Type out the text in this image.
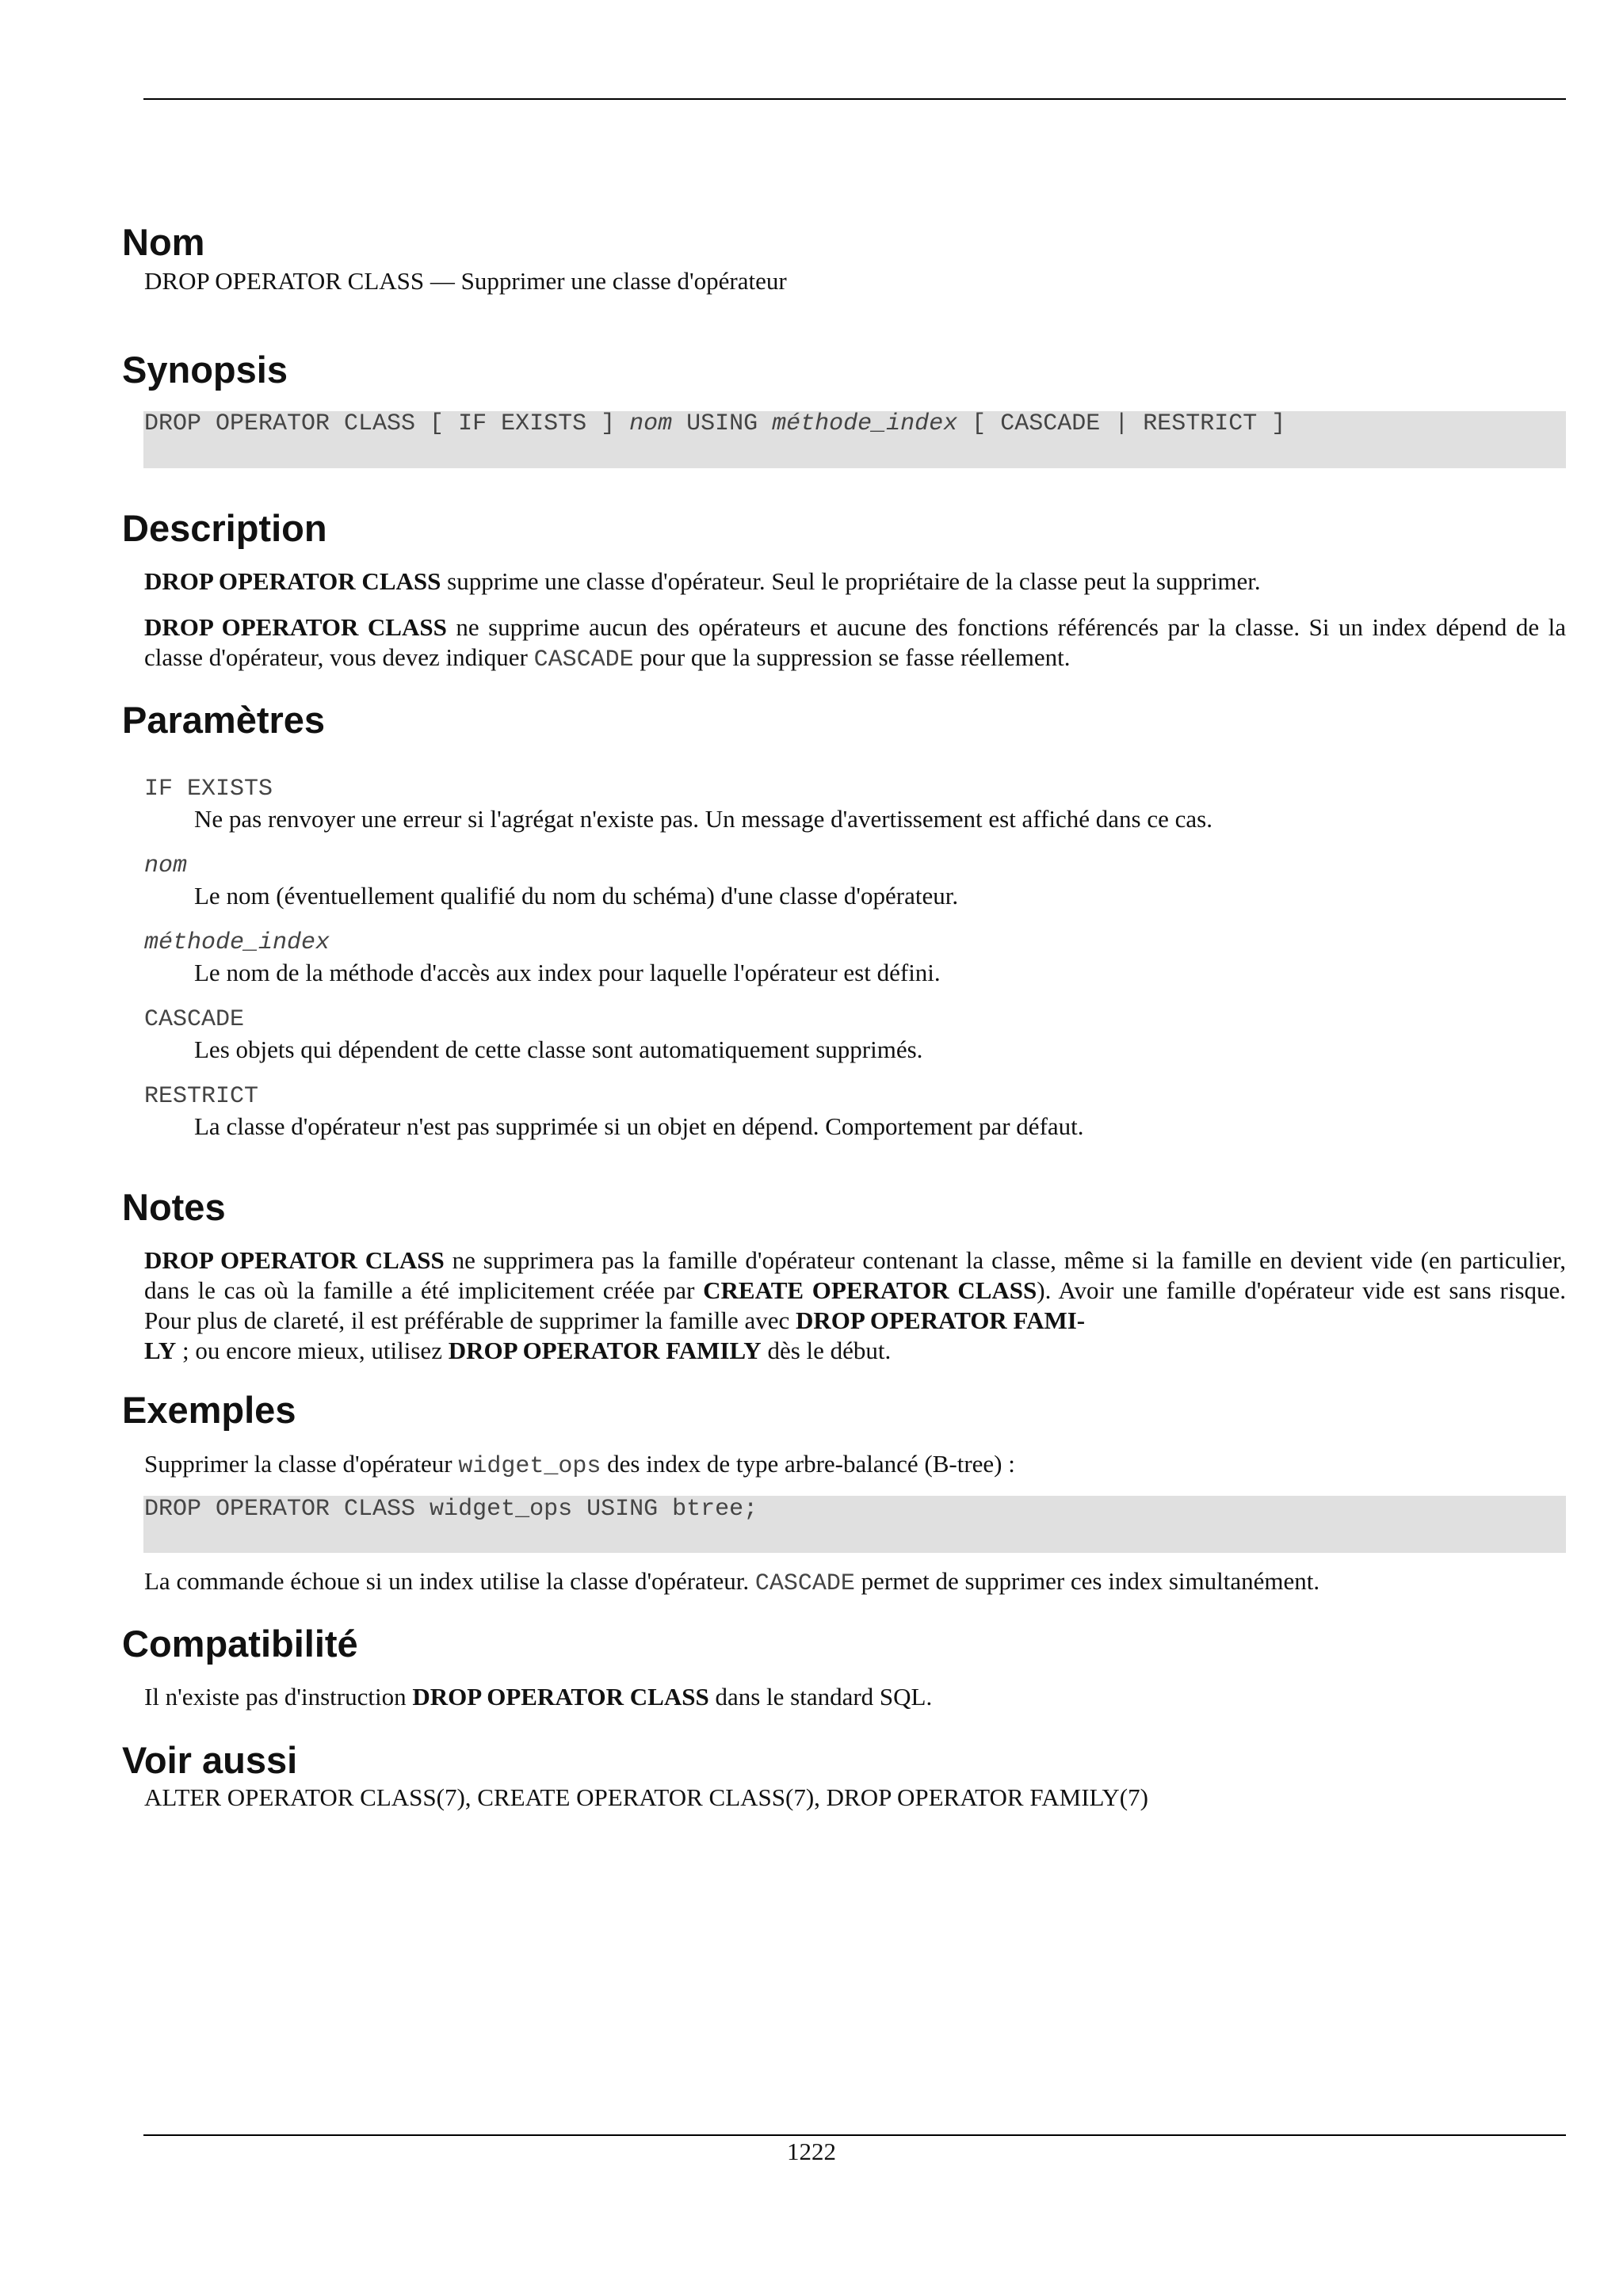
Nom

DROP OPERATOR CLASS — Supprimer une classe d'opérateur

Synopsis

DROP OPERATOR CLASS [ IF EXISTS ] nom USING méthode_index [ CASCADE | RESTRICT ]

Description

DROP OPERATOR CLASS supprime une classe d'opérateur. Seul le propriétaire de la classe peut la supprimer.

DROP OPERATOR CLASS ne supprime aucun des opérateurs et aucune des fonctions référencés par la classe. Si un index dépend de la classe d'opérateur, vous devez indiquer CASCADE pour que la suppression se fasse réellement.

Paramètres

IF EXISTS

Ne pas renvoyer une erreur si l'agrégat n'existe pas. Un message d'avertissement est affiché dans ce cas.

nom

Le nom (éventuellement qualifié du nom du schéma) d'une classe d'opérateur.

méthode_index

Le nom de la méthode d'accès aux index pour laquelle l'opérateur est défini.

CASCADE

Les objets qui dépendent de cette classe sont automatiquement supprimés.

RESTRICT

La classe d'opérateur n'est pas supprimée si un objet en dépend. Comportement par défaut.

Notes

DROP OPERATOR CLASS ne supprimera pas la famille d'opérateur contenant la classe, même si la famille en devient vide (en particulier, dans le cas où la famille a été implicitement créée par CREATE OPERATOR CLASS). Avoir une famille d'opérateur vide est sans risque. Pour plus de clareté, il est préférable de supprimer la famille avec DROP OPERATOR FAMI-
LY ; ou encore mieux, utilisez DROP OPERATOR FAMILY dès le début.

Exemples

Supprimer la classe d'opérateur widget_ops des index de type arbre-balancé (B-tree) :

DROP OPERATOR CLASS widget_ops USING btree;

La commande échoue si un index utilise la classe d'opérateur. CASCADE permet de supprimer ces index simultanément.

Compatibilité

Il n'existe pas d'instruction DROP OPERATOR CLASS dans le standard SQL.

Voir aussi

ALTER OPERATOR CLASS(7), CREATE OPERATOR CLASS(7), DROP OPERATOR FAMILY(7)

1222
